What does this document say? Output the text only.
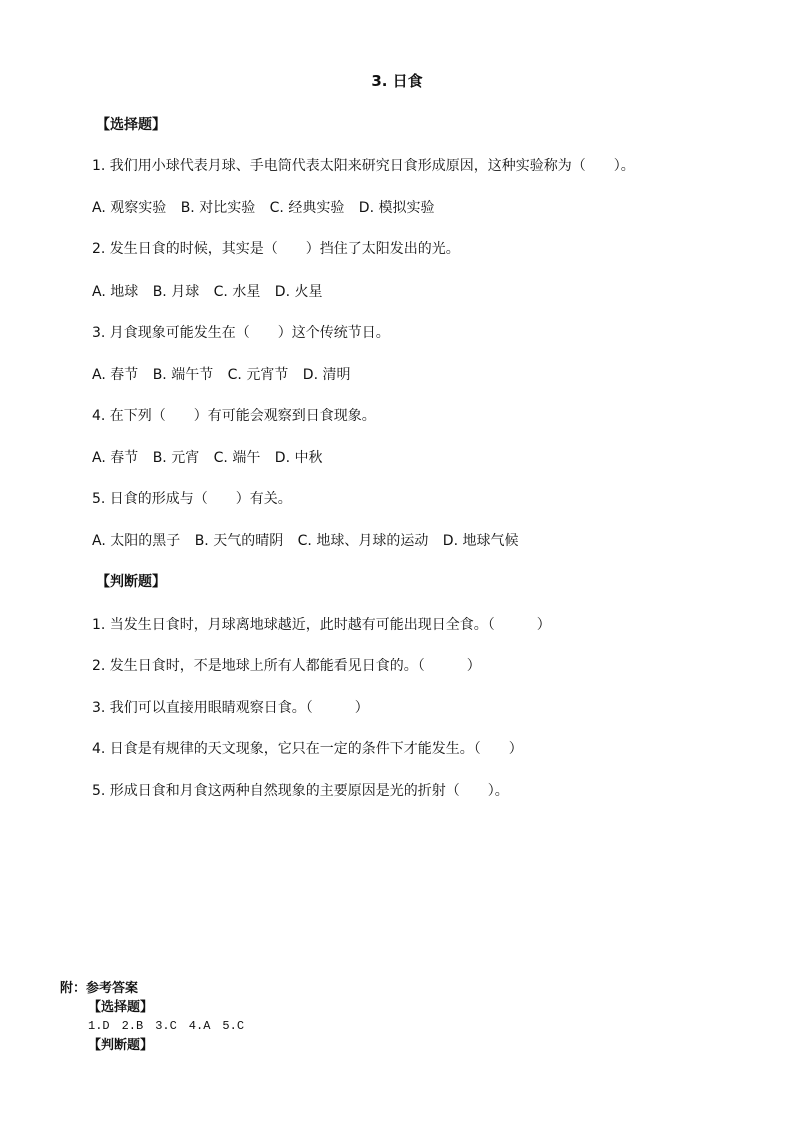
3. 日食
【选择题】
1. 我们用小球代表月球、手电筒代表太阳来研究日食形成原因，这种实验称为（　　）。
A. 观察实验 B. 对比实验 C. 经典实验 D. 模拟实验
2. 发生日食的时候，其实是（　　）挡住了太阳发出的光。
A. 地球 B. 月球 C. 水星 D. 火星
3. 月食现象可能发生在（　　）这个传统节日。
A. 春节 B. 端午节 C. 元宵节 D. 清明
4. 在下列（　　）有可能会观察到日食现象。
A. 春节 B. 元宵 C. 端午 D. 中秋
5. 日食的形成与（　　）有关。
A. 太阳的黑子 B. 天气的晴阴 C. 地球、月球的运动 D. 地球气候
【判断题】
1. 当发生日食时，月球离地球越近，此时越有可能出现日全食。（　　　）
2. 发生日食时，不是地球上所有人都能看见日食的。（　　　）
3. 我们可以直接用眼睛观察日食。（　　　）
4. 日食是有规律的天文现象，它只在一定的条件下才能发生。（　　）
5. 形成日食和月食这两种自然现象的主要原因是光的折射（　　）。
附：参考答案
【选择题】
1.D　2.B　3.C　4.A　5.C
【判断题】
